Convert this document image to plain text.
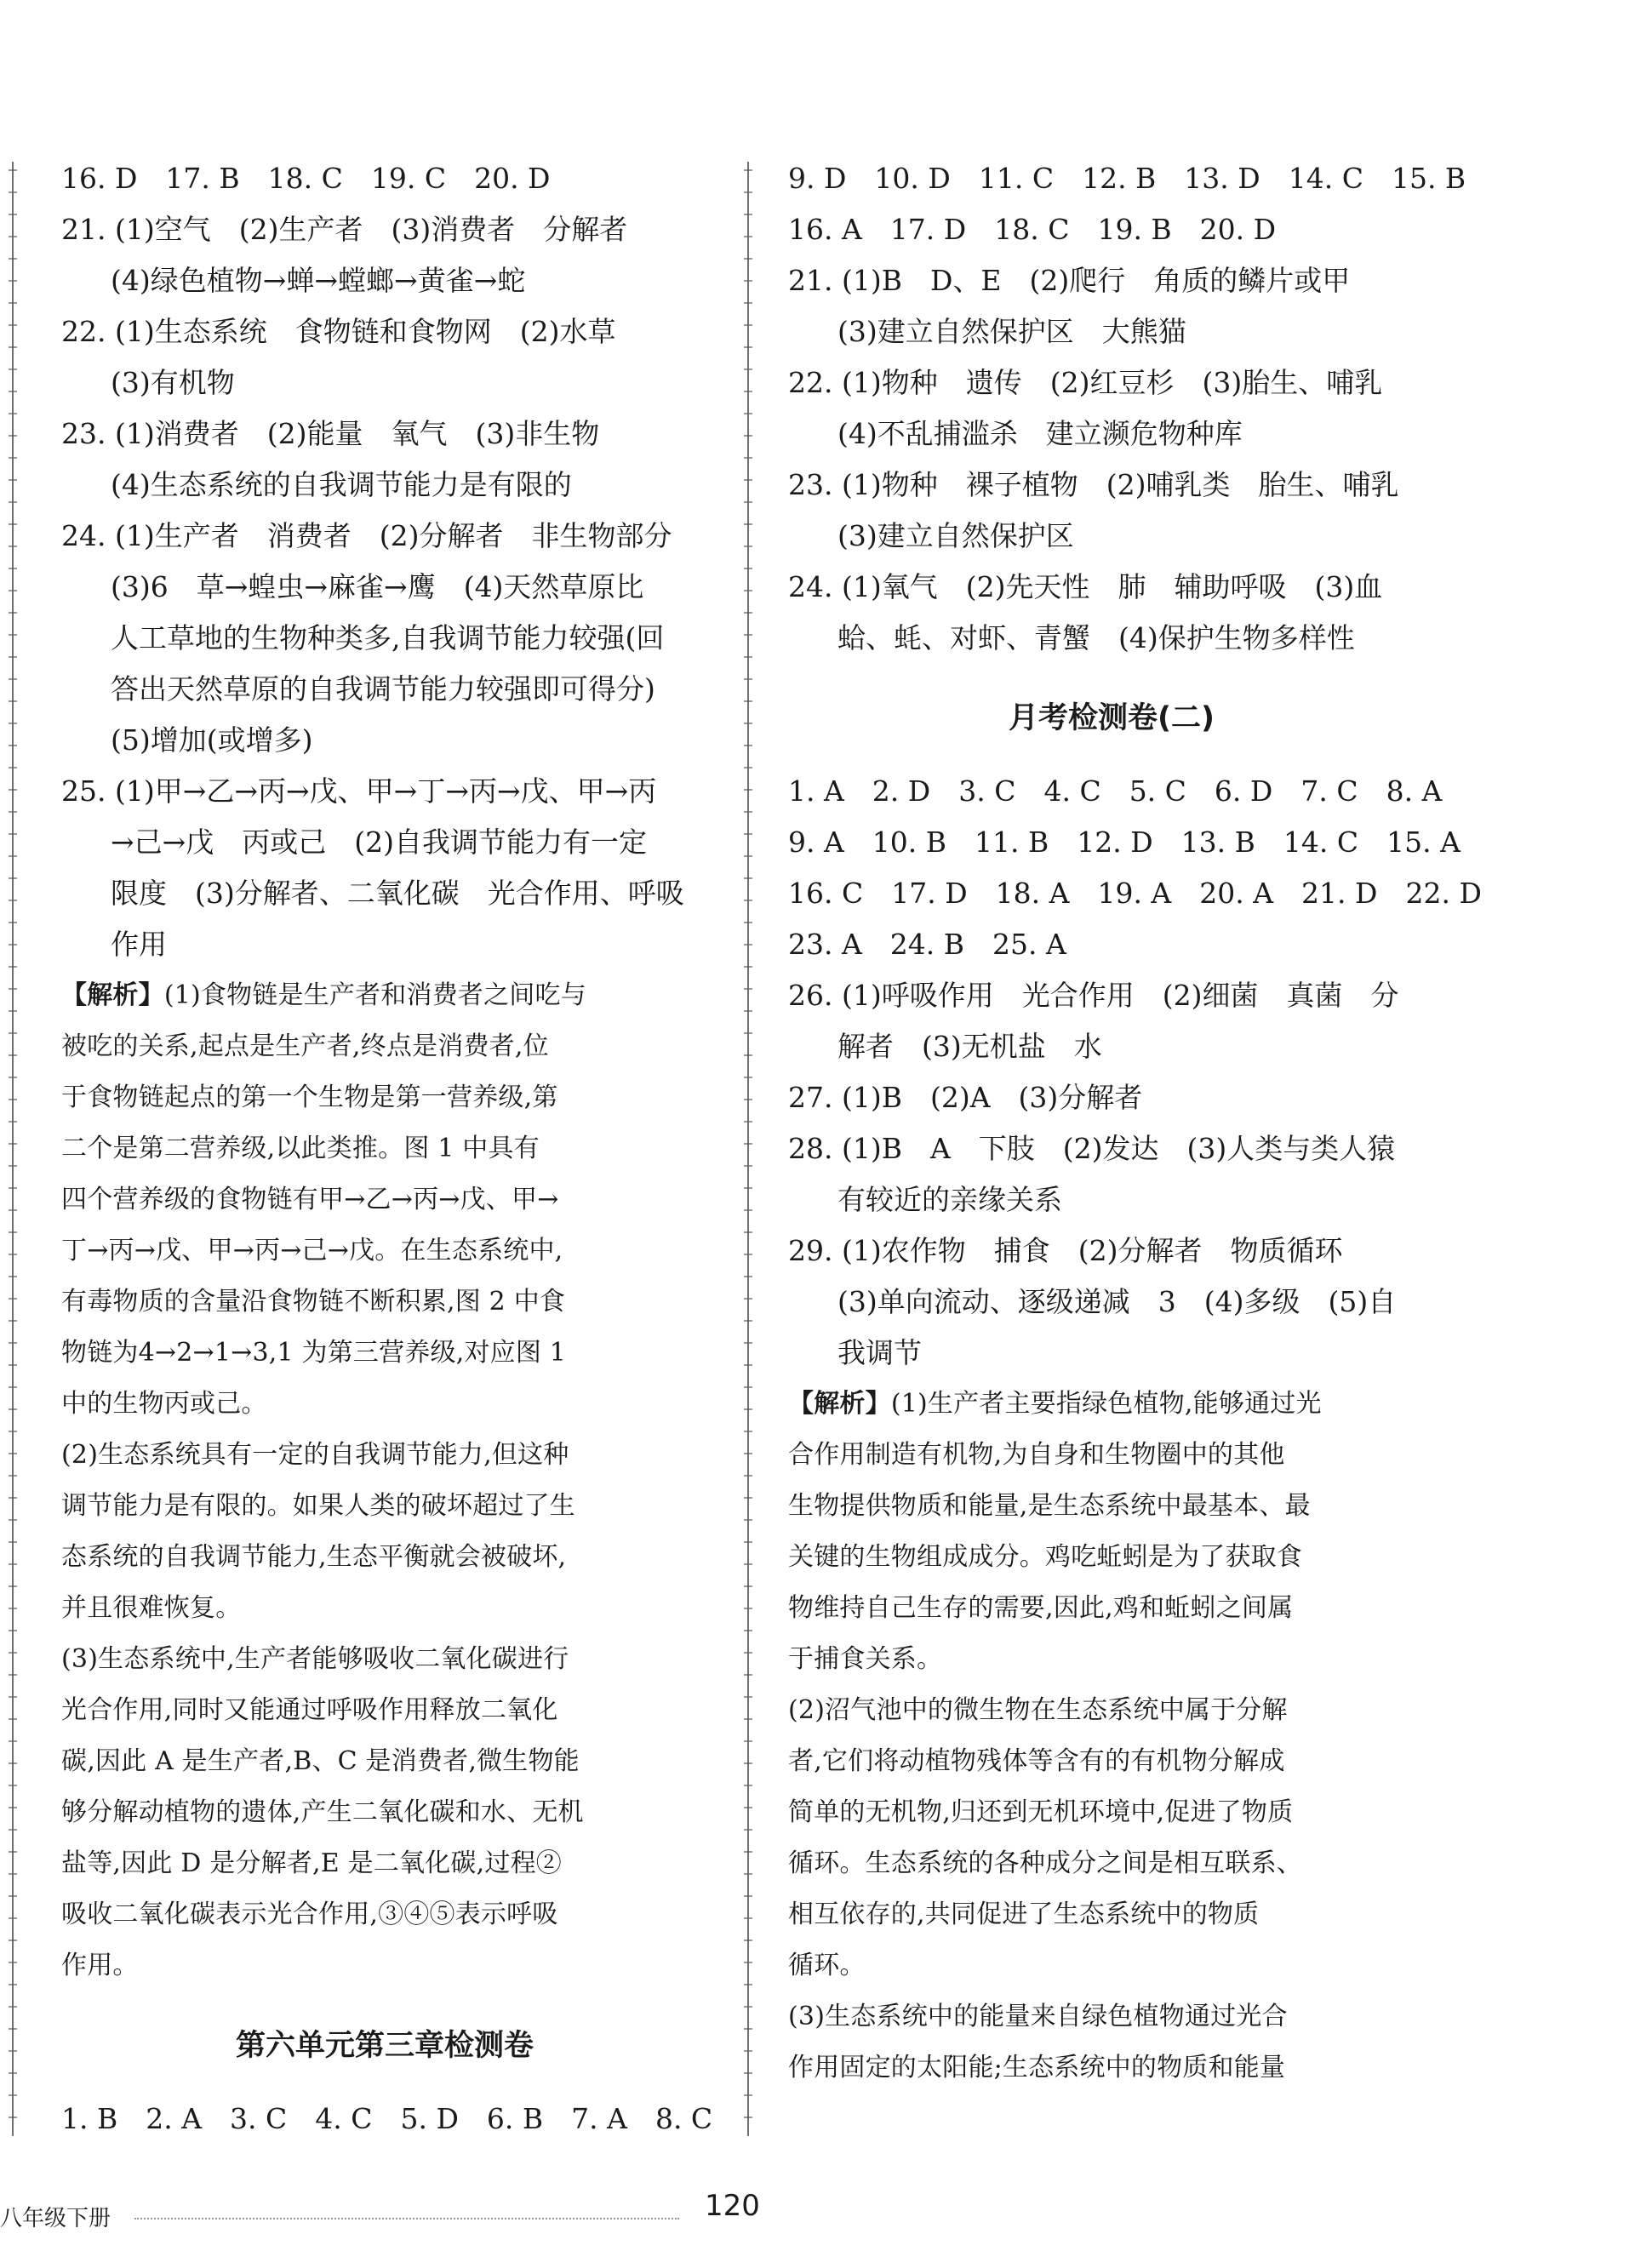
16. D　17. B　18. C　19. C　20. D
21. (1)空气　(2)生产者　(3)消费者　分解者
(4)绿色植物→蝉→螳螂→黄雀→蛇
22. (1)生态系统　食物链和食物网　(2)水草
(3)有机物
23. (1)消费者　(2)能量　氧气　(3)非生物
(4)生态系统的自我调节能力是有限的
24. (1)生产者　消费者　(2)分解者　非生物部分
(3)6　草→蝗虫→麻雀→鹰　(4)天然草原比
人工草地的生物种类多,自我调节能力较强(回
答出天然草原的自我调节能力较强即可得分)
(5)增加(或增多)
25. (1)甲→乙→丙→戊、甲→丁→丙→戊、甲→丙
→己→戊　丙或己　(2)自我调节能力有一定
限度　(3)分解者、二氧化碳　光合作用、呼吸
作用
【解析】(1)食物链是生产者和消费者之间吃与
被吃的关系,起点是生产者,终点是消费者,位
于食物链起点的第一个生物是第一营养级,第
二个是第二营养级,以此类推。图 1 中具有
四个营养级的食物链有甲→乙→丙→戊、甲→
丁→丙→戊、甲→丙→己→戊。在生态系统中,
有毒物质的含量沿食物链不断积累,图 2 中食
物链为4→2→1→3,1 为第三营养级,对应图 1
中的生物丙或己。
(2)生态系统具有一定的自我调节能力,但这种
调节能力是有限的。如果人类的破坏超过了生
态系统的自我调节能力,生态平衡就会被破坏,
并且很难恢复。
(3)生态系统中,生产者能够吸收二氧化碳进行
光合作用,同时又能通过呼吸作用释放二氧化
碳,因此 A 是生产者,B、C 是消费者,微生物能
够分解动植物的遗体,产生二氧化碳和水、无机
盐等,因此 D 是分解者,E 是二氧化碳,过程②
吸收二氧化碳表示光合作用,③④⑤表示呼吸
作用。
第六单元第三章检测卷
1. B　2. A　3. C　4. C　5. D　6. B　7. A　8. C
9. D　10. D　11. C　12. B　13. D　14. C　15. B
16. A　17. D　18. C　19. B　20. D
21. (1)B　D、E　(2)爬行　角质的鳞片或甲
(3)建立自然保护区　大熊猫
22. (1)物种　遗传　(2)红豆杉　(3)胎生、哺乳
(4)不乱捕滥杀　建立濒危物种库
23. (1)物种　裸子植物　(2)哺乳类　胎生、哺乳
(3)建立自然保护区
24. (1)氧气　(2)先天性　肺　辅助呼吸　(3)血
蛤、蚝、对虾、青蟹　(4)保护生物多样性
月考检测卷(二)
1. A　2. D　3. C　4. C　5. C　6. D　7. C　8. A
9. A　10. B　11. B　12. D　13. B　14. C　15. A
16. C　17. D　18. A　19. A　20. A　21. D　22. D
23. A　24. B　25. A
26. (1)呼吸作用　光合作用　(2)细菌　真菌　分
解者　(3)无机盐　水
27. (1)B　(2)A　(3)分解者
28. (1)B　A　下肢　(2)发达　(3)人类与类人猿
有较近的亲缘关系
29. (1)农作物　捕食　(2)分解者　物质循环
(3)单向流动、逐级递减　3　(4)多级　(5)自
我调节
【解析】(1)生产者主要指绿色植物,能够通过光
合作用制造有机物,为自身和生物圈中的其他
生物提供物质和能量,是生态系统中最基本、最
关键的生物组成成分。鸡吃蚯蚓是为了获取食
物维持自己生存的需要,因此,鸡和蚯蚓之间属
于捕食关系。
(2)沼气池中的微生物在生态系统中属于分解
者,它们将动植物残体等含有的有机物分解成
简单的无机物,归还到无机环境中,促进了物质
循环。生态系统的各种成分之间是相互联系、
相互依存的,共同促进了生态系统中的物质
循环。
(3)生态系统中的能量来自绿色植物通过光合
作用固定的太阳能;生态系统中的物质和能量
八年级下册	120
